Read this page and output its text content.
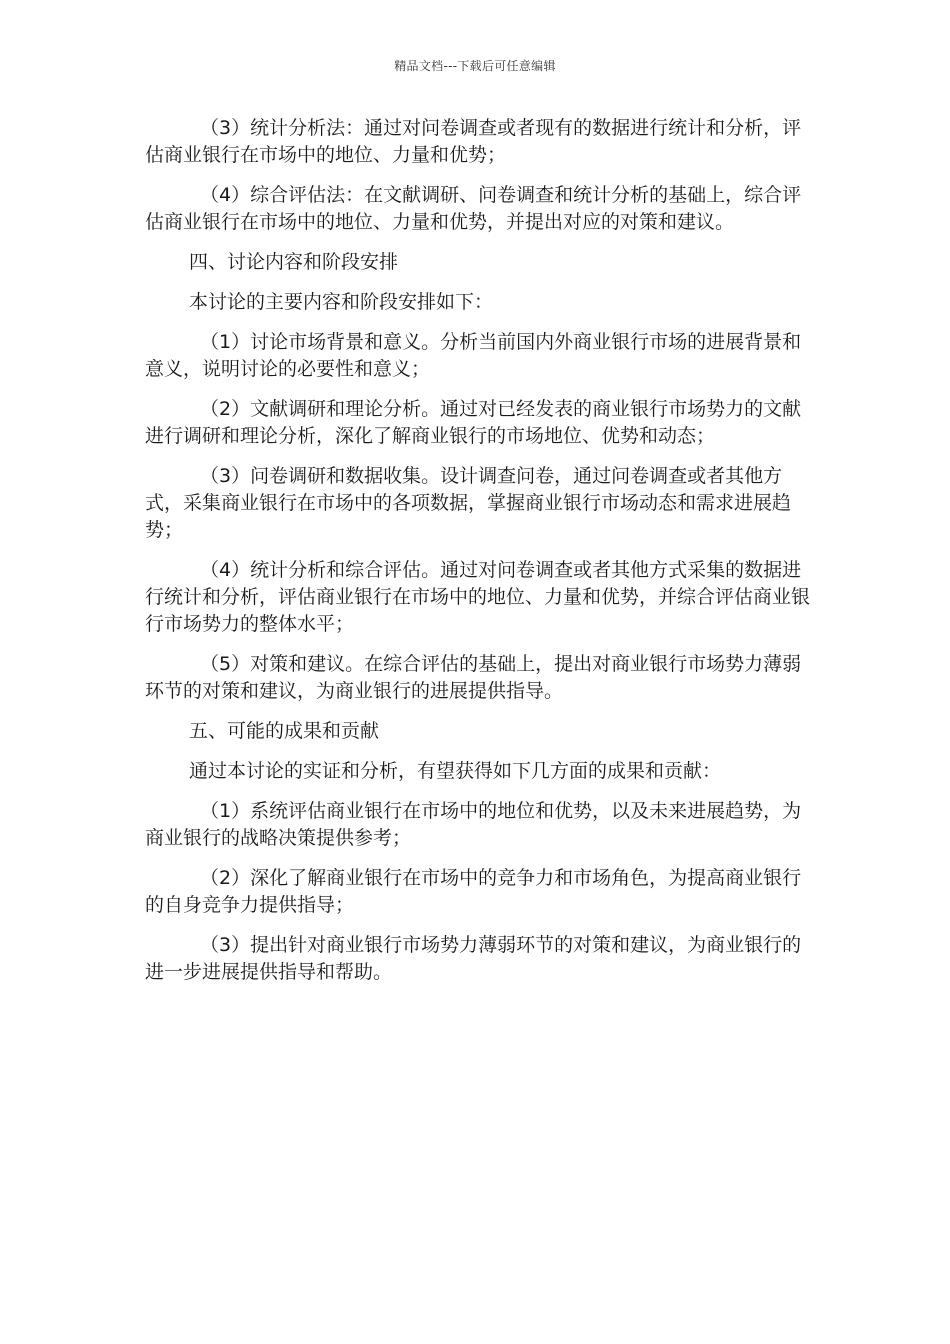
精品文档---下载后可任意编辑

（3）统计分析法：通过对问卷调查或者现有的数据进行统计和分析，评估商业银行在市场中的地位、力量和优势；

（4）综合评估法：在文献调研、问卷调查和统计分析的基础上，综合评估商业银行在市场中的地位、力量和优势，并提出对应的对策和建议。

四、讨论内容和阶段安排

本讨论的主要内容和阶段安排如下：

（1）讨论市场背景和意义。分析当前国内外商业银行市场的进展背景和意义，说明讨论的必要性和意义；

（2）文献调研和理论分析。通过对已经发表的商业银行市场势力的文献进行调研和理论分析，深化了解商业银行的市场地位、优势和动态；

（3）问卷调研和数据收集。设计调查问卷，通过问卷调查或者其他方式，采集商业银行在市场中的各项数据，掌握商业银行市场动态和需求进展趋势；

（4）统计分析和综合评估。通过对问卷调查或者其他方式采集的数据进行统计和分析，评估商业银行在市场中的地位、力量和优势，并综合评估商业银行市场势力的整体水平；

（5）对策和建议。在综合评估的基础上，提出对商业银行市场势力薄弱环节的对策和建议，为商业银行的进展提供指导。

五、可能的成果和贡献

通过本讨论的实证和分析，有望获得如下几方面的成果和贡献：

（1）系统评估商业银行在市场中的地位和优势，以及未来进展趋势，为商业银行的战略决策提供参考；

（2）深化了解商业银行在市场中的竞争力和市场角色，为提高商业银行的自身竞争力提供指导；

（3）提出针对商业银行市场势力薄弱环节的对策和建议，为商业银行的进一步进展提供指导和帮助。
